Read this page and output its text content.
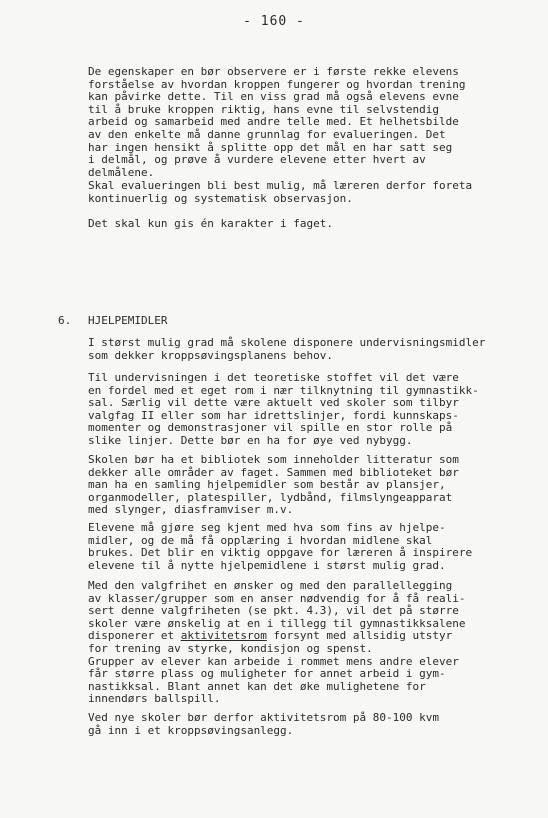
- 160 -

De egenskaper en bør observere er i første rekke elevens
forståelse av hvordan kroppen fungerer og hvordan trening
kan påvirke dette. Til en viss grad må også elevens evne
til å bruke kroppen riktig, hans evne til selvstendig
arbeid og samarbeid med andre telle med. Et helhetsbilde
av den enkelte må danne grunnlag for evalueringen. Det
har ingen hensikt å splitte opp det mål en har satt seg
i delmål, og prøve å vurdere elevene etter hvert av
delmålene.

Skal evalueringen bli best mulig, må læreren derfor foreta
kontinuerlig og systematisk observasjon.

Det skal kun gis én karakter i faget.

6. HJELPEMIDLER

I størst mulig grad må skolene disponere undervisningsmidler
som dekker kroppsøvingsplanens behov.

Til undervisningen i det teoretiske stoffet vil det være
en fordel med et eget rom i nær tilknytning til gymnastikk-
sal. Særlig vil dette være aktuelt ved skoler som tilbyr
valgfag II eller som har idrettslinjer, fordi kunnskaps-
momenter og demonstrasjoner vil spille en stor rolle på
slike linjer. Dette bør en ha for øye ved nybygg.

Skolen bør ha et bibliotek som inneholder litteratur som
dekker alle områder av faget. Sammen med biblioteket bør
man ha en samling hjelpemidler som består av plansjer,
organmodeller, platespiller, lydbånd, filmslyngeapparat
med slynger, diasframviser m.v.

Elevene må gjøre seg kjent med hva som fins av hjelpe-
midler, og de må få opplæring i hvordan midlene skal
brukes. Det blir en viktig oppgave for læreren å inspirere
elevene til å nytte hjelpemidlene i størst mulig grad.

Med den valgfrihet en ønsker og med den parallellegging
av klasser/grupper som en anser nødvendig for å få reali-
sert denne valgfriheten (se pkt. 4.3), vil det på større
skoler være ønskelig at en i tillegg til gymnastikksalene
disponerer et aktivitetsrom forsynt med allsidig utstyr
for trening av styrke, kondisjon og spenst.
Grupper av elever kan arbeide i rommet mens andre elever
får større plass og muligheter for annet arbeid i gym-
nastikksal. Blant annet kan det øke mulighetene for
innendørs ballspill.

Ved nye skoler bør derfor aktivitetsrom på 80-100 kvm
gå inn i et kroppsøvingsanlegg.
